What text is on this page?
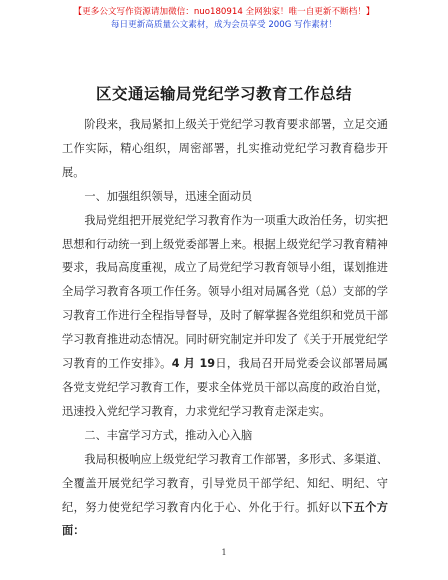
【更多公文写作资源请加微信：nuo180914 全网独家！唯一自更新不断档！】
每日更新高质量公文素材，成为会员享受 200G 写作素材！
区交通运输局党纪学习教育工作总结

阶段来，我局紧扣上级关于党纪学习教育要求部署，立足交通工作实际，精心组织，周密部署，扎实推动党纪学习教育稳步开展。

一、加强组织领导，迅速全面动员

我局党组把开展党纪学习教育作为一项重大政治任务，切实把思想和行动统一到上级党委部署上来。根据上级党纪学习教育精神要求，我局高度重视，成立了局党纪学习教育领导小组，谋划推进全局学习教育各项工作任务。领导小组对局属各党（总）支部的学习教育工作进行全程指导督导，及时了解掌握各党组织和党员干部学习教育推进动态情况。同时研究制定并印发了《关于开展党纪学习教育的工作安排》。4 月 19日，我局召开局党委会议部署局属各党支党纪学习教育工作，要求全体党员干部以高度的政治自觉，迅速投入党纪学习教育，力求党纪学习教育走深走实。

二、丰富学习方式，推动入心入脑

我局积极响应上级党纪学习教育工作部署，多形式、多渠道、全覆盖开展党纪学习教育，引导党员干部学纪、知纪、明纪、守纪，努力使党纪学习教育内化于心、外化于行。抓好以下五个方面：

1
